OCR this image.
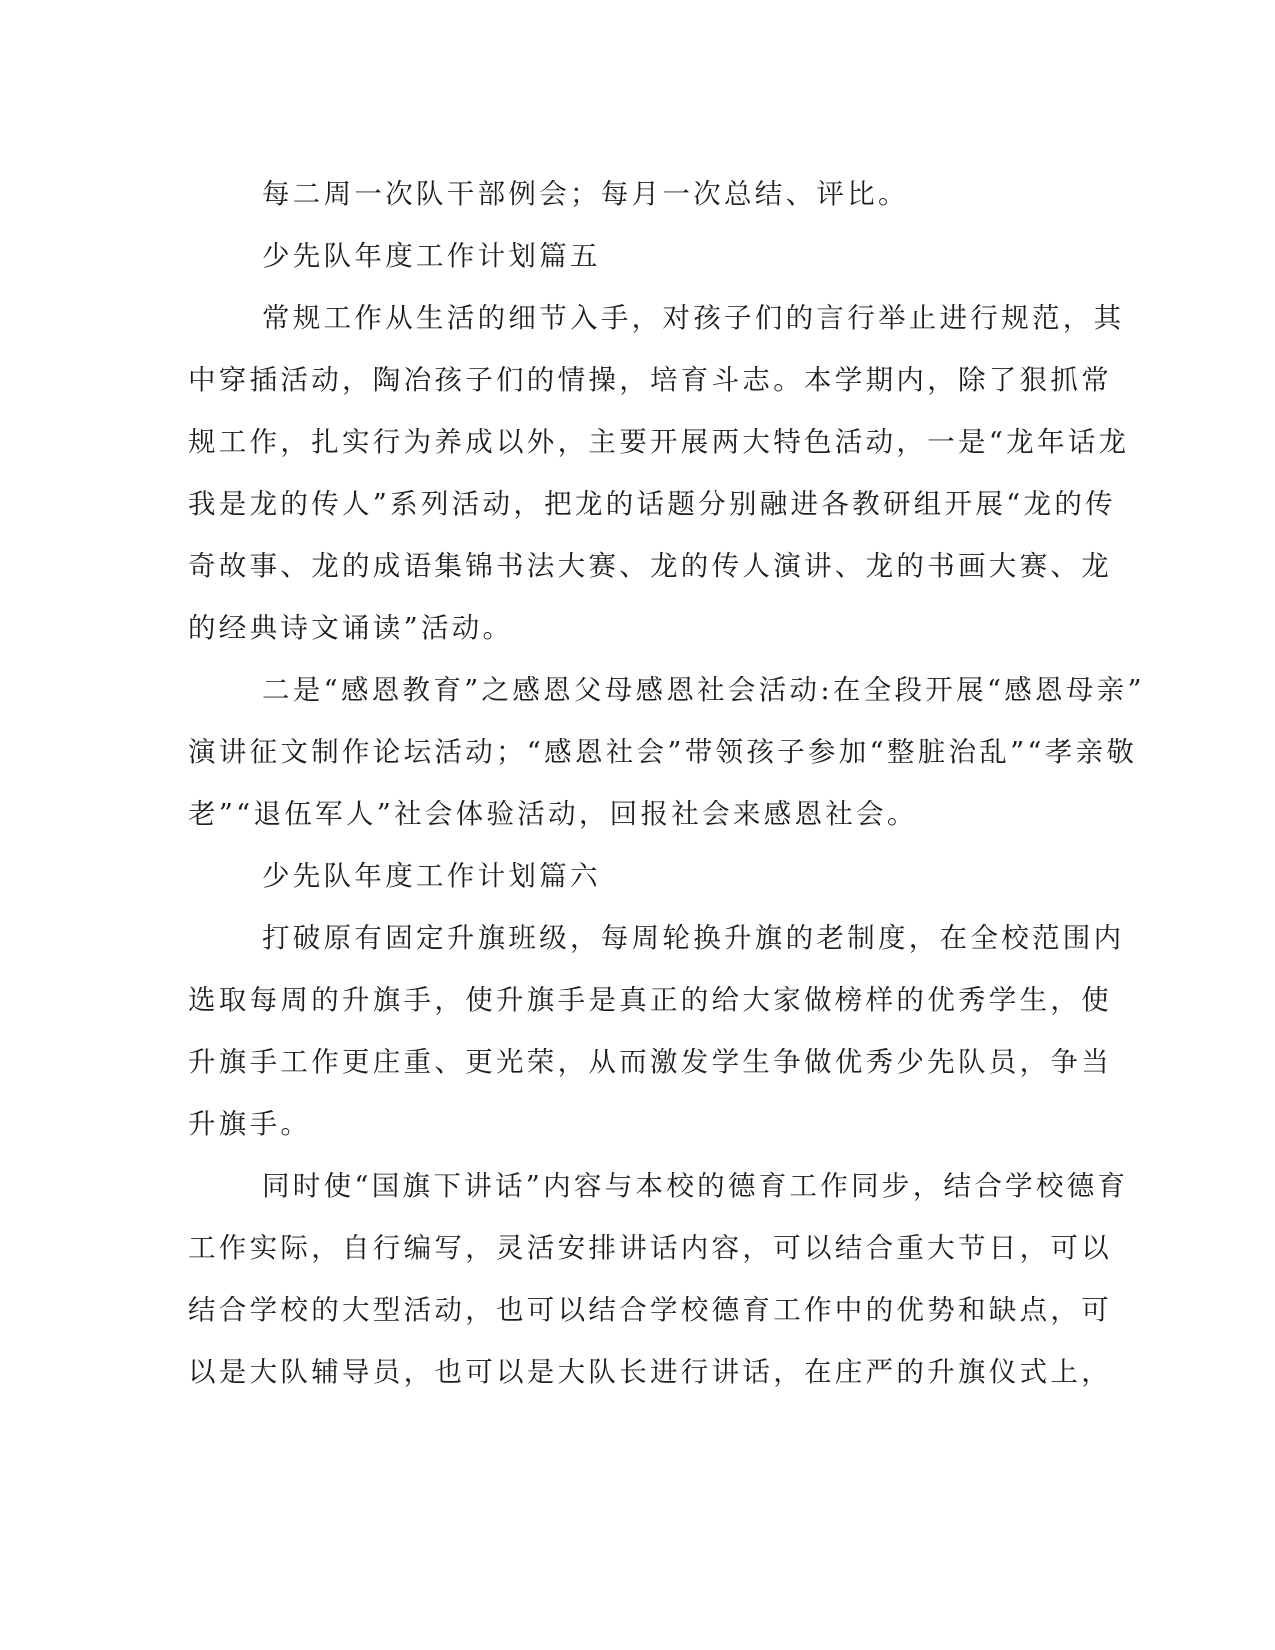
每二周一次队干部例会；每月一次总结、评比。
少先队年度工作计划篇五
常规工作从生活的细节入手，对孩子们的言行举止进行规范，其
中穿插活动，陶冶孩子们的情操，培育斗志。本学期内，除了狠抓常
规工作，扎实行为养成以外，主要开展两大特色活动，一是“龙年话龙
我是龙的传人”系列活动，把龙的话题分别融进各教研组开展“龙的传
奇故事、龙的成语集锦书法大赛、龙的传人演讲、龙的书画大赛、龙
的经典诗文诵读”活动。
二是“感恩教育”之感恩父母感恩社会活动:在全段开展“感恩母亲”
演讲征文制作论坛活动；“感恩社会”带领孩子参加“整脏治乱”“孝亲敬
老”“退伍军人”社会体验活动，回报社会来感恩社会。
少先队年度工作计划篇六
打破原有固定升旗班级，每周轮换升旗的老制度，在全校范围内
选取每周的升旗手，使升旗手是真正的给大家做榜样的优秀学生，使
升旗手工作更庄重、更光荣，从而激发学生争做优秀少先队员，争当
升旗手。
同时使“国旗下讲话”内容与本校的德育工作同步，结合学校德育
工作实际，自行编写，灵活安排讲话内容，可以结合重大节日，可以
结合学校的大型活动，也可以结合学校德育工作中的优势和缺点，可
以是大队辅导员，也可以是大队长进行讲话，在庄严的升旗仪式上，
